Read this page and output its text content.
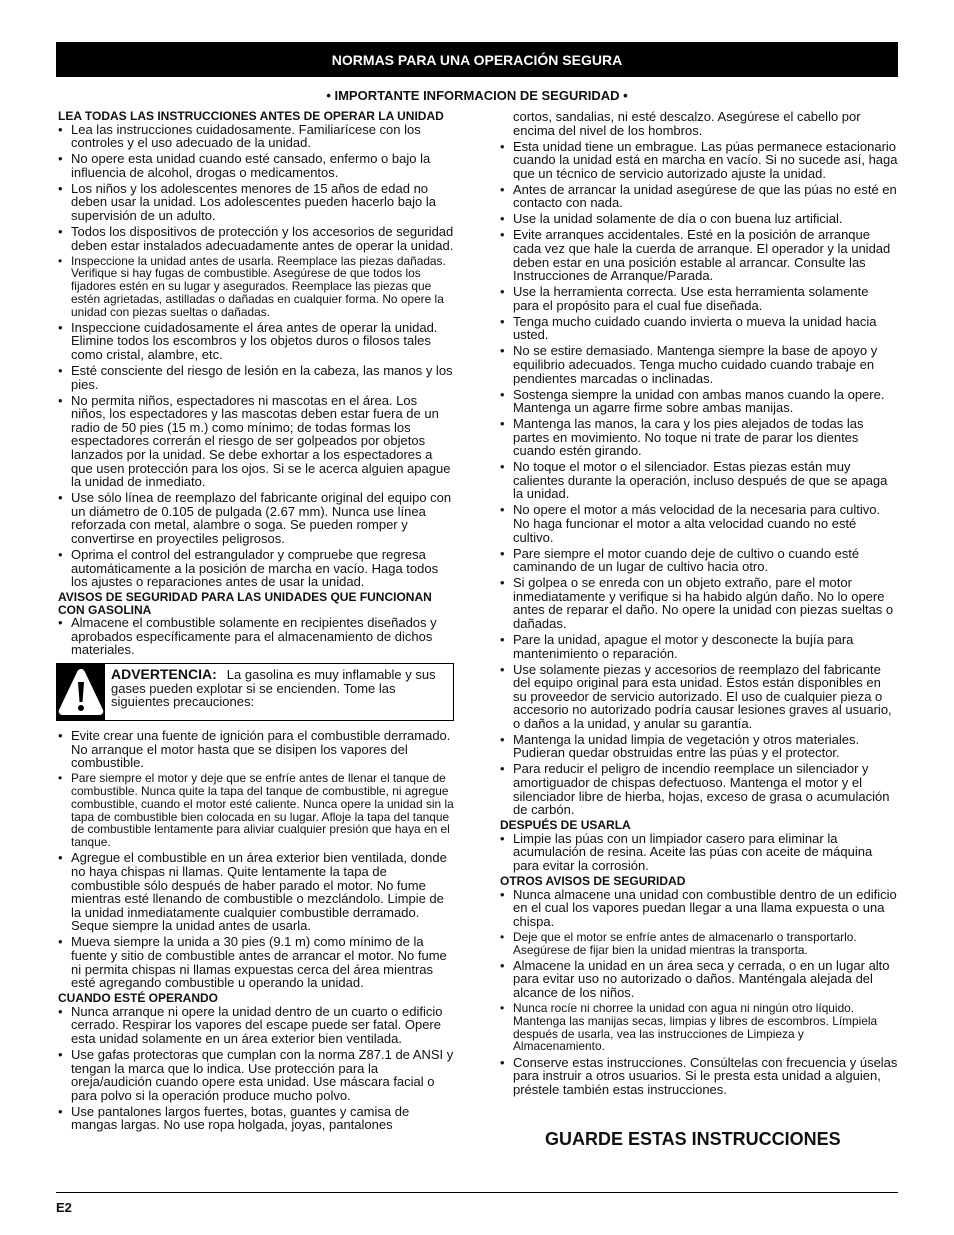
NORMAS PARA UNA OPERACIÓN SEGURA
• IMPORTANTE INFORMACION DE SEGURIDAD •

LEA TODAS LAS INSTRUCCIONES ANTES DE OPERAR LA UNIDAD

• Lea las instrucciones cuidadosamente. Familiarícese con los controles y el uso adecuado de la unidad.
• No opere esta unidad cuando esté cansado, enfermo o bajo la influencia de alcohol, drogas o medicamentos.
• Los niños y los adolescentes menores de 15 años de edad no deben usar la unidad. Los adolescentes pueden hacerlo bajo la supervisión de un adulto.
• Todos los dispositivos de protección y los accesorios de seguridad deben estar instalados adecuadamente antes de operar la unidad.
• Inspeccione la unidad antes de usarla. Reemplace las piezas dañadas. Verifique si hay fugas de combustible. Asegúrese de que todos los fijadores estén en su lugar y asegurados. Reemplace las piezas que estén agrietadas, astilladas o dañadas en cualquier forma. No opere la unidad con piezas sueltas o dañadas.
• Inspeccione cuidadosamente el área antes de operar la unidad. Elimine todos los escombros y los objetos duros o filosos tales como cristal, alambre, etc.
• Esté consciente del riesgo de lesión en la cabeza, las manos y los pies.
• No permita niños, espectadores ni mascotas en el área. Los niños, los espectadores y las mascotas deben estar fuera de un radio de 50 pies (15 m.) como mínimo; de todas formas los espectadores correrán el riesgo de ser golpeados por objetos lanzados por la unidad. Se debe exhortar a los espectadores a que usen protección para los ojos. Si se le acerca alguien apague la unidad de inmediato.
• Use sólo línea de reemplazo del fabricante original del equipo con un diámetro de 0.105 de pulgada (2.67 mm). Nunca use línea reforzada con metal, alambre o soga. Se pueden romper y convertirse en proyectiles peligrosos.
• Oprima el control del estrangulador y compruebe que regresa automáticamente a la posición de marcha en vacío. Haga todos los ajustes o reparaciones antes de usar la unidad.

AVISOS DE SEGURIDAD PARA LAS UNIDADES QUE FUNCIONAN CON GASOLINA

• Almacene el combustible solamente en recipientes diseñados y aprobados específicamente para el almacenamiento de dichos materiales.
ADVERTENCIA: La gasolina es muy inflamable y sus gases pueden explotar si se encienden. Tome las siguientes precauciones:
• Evite crear una fuente de ignición para el combustible derramado. No arranque el motor hasta que se disipen los vapores del combustible.
• Pare siempre el motor y deje que se enfríe antes de llenar el tanque de combustible. Nunca quite la tapa del tanque de combustible, ni agregue combustible, cuando el motor esté caliente. Nunca opere la unidad sin la tapa de combustible bien colocada en su lugar. Afloje la tapa del tanque de combustible lentamente para aliviar cualquier presión que haya en el tanque.
• Agregue el combustible en un área exterior bien ventilada, donde no haya chispas ni llamas. Quite lentamente la tapa de combustible sólo después de haber parado el motor. No fume mientras esté llenando de combustible o mezclándolo. Limpie de la unidad inmediatamente cualquier combustible derramado. Seque siempre la unidad antes de usarla.
• Mueva siempre la unida a 30 pies (9.1 m) como mínimo de la fuente y sitio de combustible antes de arrancar el motor. No fume ni permita chispas ni llamas expuestas cerca del área mientras esté agregando combustible u operando la unidad.

CUANDO ESTÉ OPERANDO

• Nunca arranque ni opere la unidad dentro de un cuarto o edificio cerrado. Respirar los vapores del escape puede ser fatal. Opere esta unidad solamente en un área exterior bien ventilada.
• Use gafas protectoras que cumplan con la norma Z87.1 de ANSI y tengan la marca que lo indica. Use protección para la oreja/audición cuando opere esta unidad. Use máscara facial o para polvo si la operación produce mucho polvo.
• Use pantalones largos fuertes, botas, guantes y camisa de mangas largas. No use ropa holgada, joyas, pantalones

cortos, sandalias, ni esté descalzo. Asegúrese el cabello por encima del nivel de los hombros.

• Esta unidad tiene un embrague. Las púas permanece estacionario cuando la unidad está en marcha en vacío. Si no sucede así, haga que un técnico de servicio autorizado ajuste la unidad.
• Antes de arrancar la unidad asegúrese de que las púas no esté en contacto con nada.
• Use la unidad solamente de día o con buena luz artificial.
• Evite arranques accidentales. Esté en la posición de arranque cada vez que hale la cuerda de arranque. El operador y la unidad deben estar en una posición estable al arrancar. Consulte las Instrucciones de Arranque/Parada.
• Use la herramienta correcta. Use esta herramienta solamente para el propósito para el cual fue diseñada.
• Tenga mucho cuidado cuando invierta o mueva la unidad hacia usted.
• No se estire demasiado. Mantenga siempre la base de apoyo y equilibrio adecuados. Tenga mucho cuidado cuando trabaje en pendientes marcadas o inclinadas.
• Sostenga siempre la unidad con ambas manos cuando la opere. Mantenga un agarre firme sobre ambas manijas.
• Mantenga las manos, la cara y los pies alejados de todas las partes en movimiento. No toque ni trate de parar los dientes cuando estén girando.
• No toque el motor o el silenciador. Estas piezas están muy calientes durante la operación, incluso después de que se apaga la unidad.
• No opere el motor a más velocidad de la necesaria para cultivo. No haga funcionar el motor a alta velocidad cuando no esté cultivo.
• Pare siempre el motor cuando deje de cultivo o cuando esté caminando de un lugar de cultivo hacia otro.
• Si golpea o se enreda con un objeto extraño, pare el motor inmediatamente y verifique si ha habido algún daño. No lo opere antes de reparar el daño. No opere la unidad con piezas sueltas o dañadas.
• Pare la unidad, apague el motor y desconecte la bujía para mantenimiento o reparación.
• Use solamente piezas y accesorios de reemplazo del fabricante del equipo original para esta unidad. Éstos están disponibles en su proveedor de servicio autorizado. El uso de cualquier pieza o accesorio no autorizado podría causar lesiones graves al usuario, o daños a la unidad, y anular su garantía.
• Mantenga la unidad limpia de vegetación y otros materiales. Pudieran quedar obstruidas entre las púas y el protector.
• Para reducir el peligro de incendio reemplace un silenciador y amortiguador de chispas defectuoso. Mantenga el motor y el silenciador libre de hierba, hojas, exceso de grasa o acumulación de carbón.

DESPUÉS DE USARLA

• Limpie las púas con un limpiador casero para eliminar la acumulación de resina. Aceite las púas con aceite de máquina para evitar la corrosión.

OTROS AVISOS DE SEGURIDAD

• Nunca almacene una unidad con combustible dentro de un edificio en el cual los vapores puedan llegar a una llama expuesta o una chispa.
• Deje que el motor se enfríe antes de almacenarlo o transportarlo. Asegúrese de fijar bien la unidad mientras la transporta.
• Almacene la unidad en un área seca y cerrada, o en un lugar alto para evitar uso no autorizado o daños. Manténgala alejada del alcance de los niños.
• Nunca rocíe ni chorree la unidad con agua ni ningún otro líquido. Mantenga las manijas secas, limpias y libres de escombros. Límpiela después de usarla, vea las instrucciones de Limpieza y Almacenamiento.
• Conserve estas instrucciones. Consúltelas con frecuencia y úselas para instruir a otros usuarios. Si le presta esta unidad a alguien, préstele también estas instrucciones.
GUARDE ESTAS INSTRUCCIONES
E2
